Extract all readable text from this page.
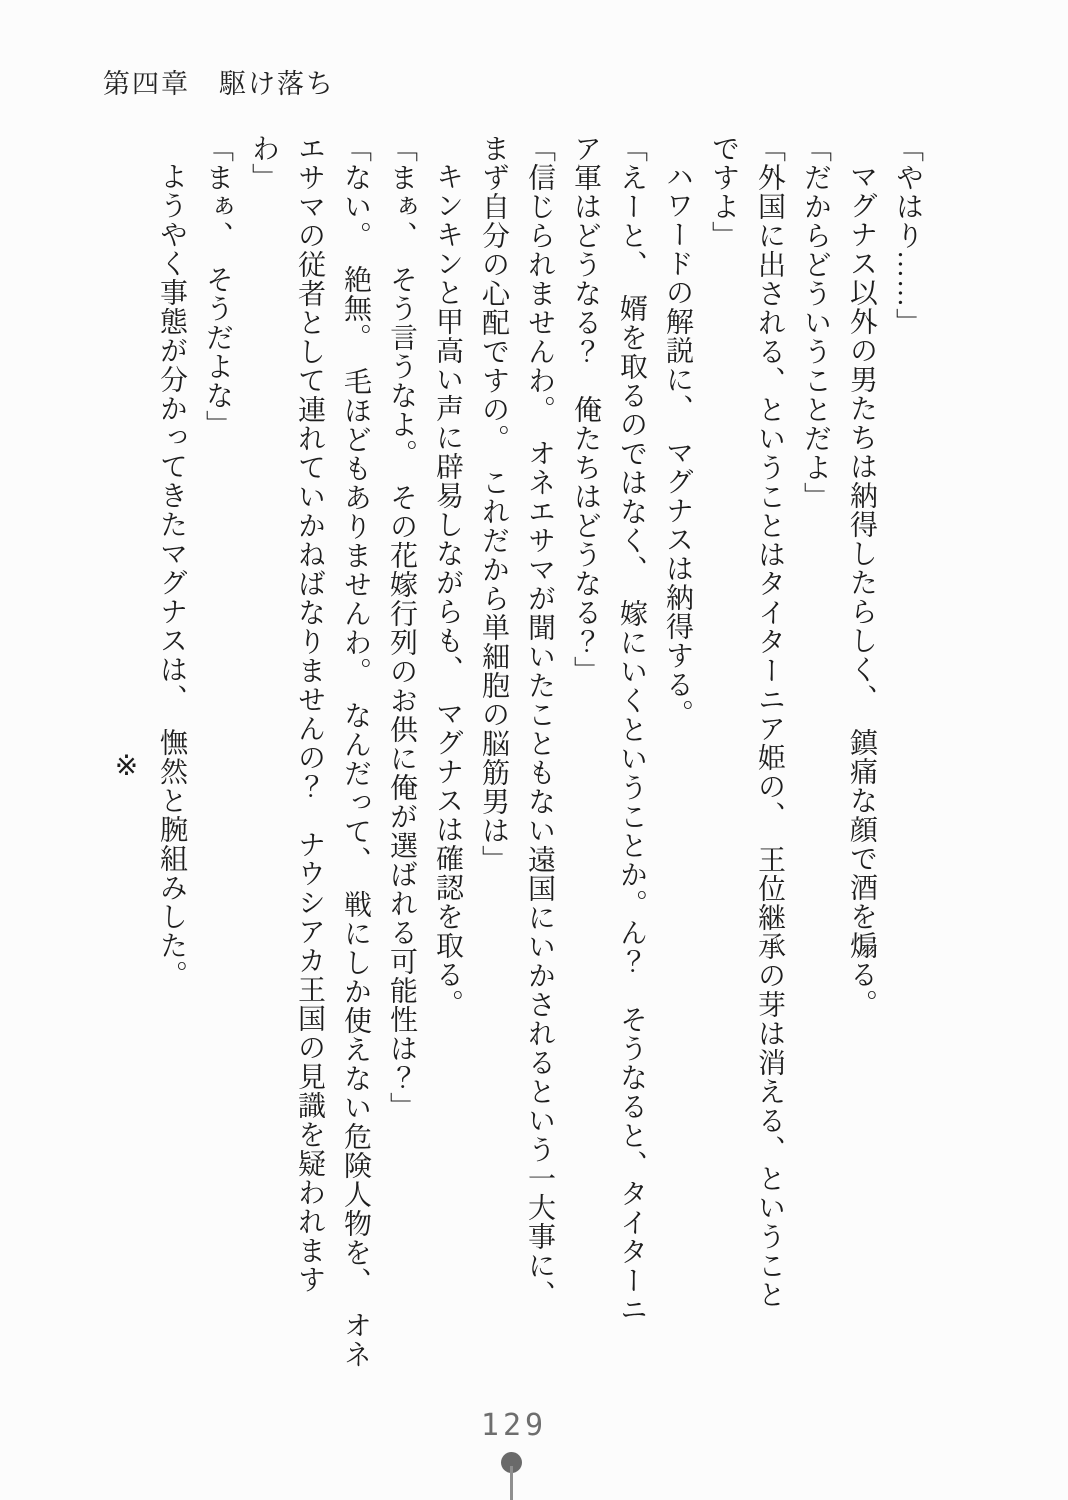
第四章　駆け落ち
「やはり……」
マグナス以外の男たちは納得したらしく、　鎮痛な顔で酒を煽る。
「だからどういうことだよ」
「外国に出される、ということはタイターニア姫の、　王位継承の芽は消える、ということ
ですよ」
ハワードの解説に、　マグナスは納得する。
「えーと、　婿を取るのではなく、　嫁にいくということか。ん？　そうなると、タイターニ
ア軍はどうなる？　俺たちはどうなる？」
「信じられませんわ。　オネエサマが聞いたこともない遠国にいかされるという一大事に、
まず自分の心配ですの。　これだから単細胞の脳筋男は」
キンキンと甲高い声に辟易しながらも、　マグナスは確認を取る。
「まぁ、　そう言うなよ。　その花嫁行列のお供に俺が選ばれる可能性は？」
「ない。　絶無。　毛ほどもありませんわ。　なんだって、　戦にしか使えない危険人物を、　オネ
エサマの従者として連れていかねばなりませんの？　ナウシアカ王国の見識を疑われます
わ」
「まぁ、　そうだよな」
ようやく事態が分かってきたマグナスは、　憮然と腕組みした。
※
129
